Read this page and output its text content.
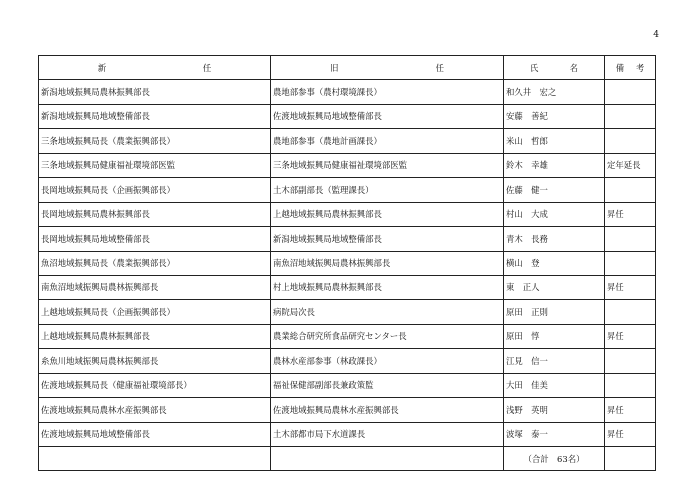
4
新 任	旧 任	氏 名	備 考

新潟地域振興局農林振興部長	農地部参事（農村環境課長）	和久井　宏之	
新潟地域振興局地域整備部長	佐渡地域振興局地域整備部長	安藤　善紀	
三条地域振興局長（農業振興部長）	農地部参事（農地計画課長）	米山　哲郎	
三条地域振興局健康福祉環境部医監	三条地域振興局健康福祉環境部医監	鈴木　幸雄	定年延長
長岡地域振興局長（企画振興部長）	土木部副部長（監理課長）	佐藤　健一	
長岡地域振興局農林振興部長	上越地域振興局農林振興部長	村山　大成	昇任
長岡地域振興局地域整備部長	新潟地域振興局地域整備部長	青木　長務	
魚沼地域振興局長（農業振興部長）	南魚沼地域振興局農林振興部長	横山　登	
南魚沼地域振興局農林振興部長	村上地域振興局農林振興部長	東　正人	昇任
上越地域振興局長（企画振興部長）	病院局次長	原田　正則	
上越地域振興局農林振興部長	農業総合研究所食品研究センター長	原田　惇	昇任
糸魚川地域振興局農林振興部長	農林水産部参事（林政課長）	江見　信一	
佐渡地域振興局長（健康福祉環境部長）	福祉保健部副部長兼政策監	大田　佳美	
佐渡地域振興局農林水産振興部長	佐渡地域振興局農林水産振興部長	浅野　英明	昇任
佐渡地域振興局地域整備部長	土木部都市局下水道課長	波塚　泰一	昇任
		（合計　63名）	
